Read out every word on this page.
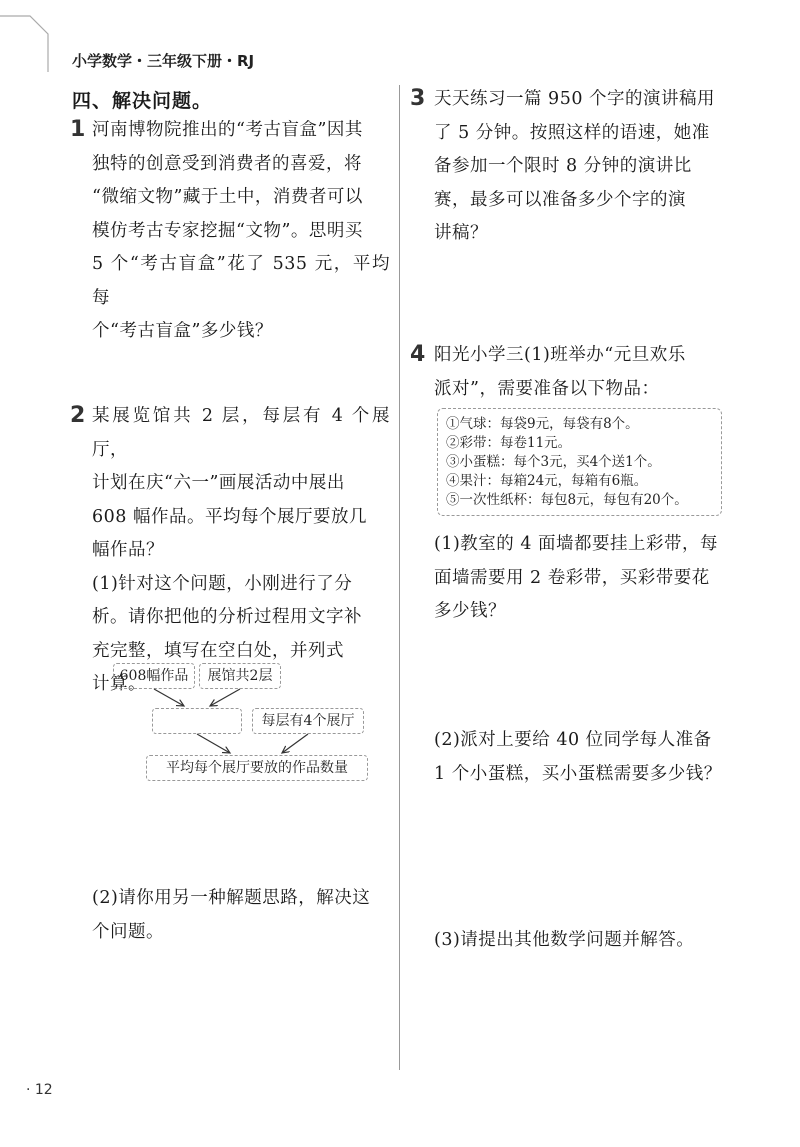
小学数学・三年级下册・RJ
四、解决问题。
1 河南博物院推出的“考古盲盒”因其
独特的创意受到消费者的喜爱，将
“微缩文物”藏于土中，消费者可以
模仿考古专家挖掘“文物”。思明买
5 个“考古盲盒”花了 535 元，平均每
个“考古盲盒”多少钱？
2 某展览馆共 2 层，每层有 4 个展厅，
计划在庆“六一”画展活动中展出
608 幅作品。平均每个展厅要放几
幅作品？
(1)针对这个问题，小刚进行了分
析。请你把他的分析过程用文字补
充完整，填写在空白处，并列式
计算。
608幅作品	展馆共2层
每层有4个展厅
平均每个展厅要放的作品数量
(2)请你用另一种解题思路，解决这
个问题。
3 天天练习一篇 950 个字的演讲稿用
了 5 分钟。按照这样的语速，她准
备参加一个限时 8 分钟的演讲比
赛，最多可以准备多少个字的演
讲稿？
4 阳光小学三(1)班举办“元旦欢乐
派对”，需要准备以下物品：
①气球：每袋9元，每袋有8个。
②彩带：每卷11元。
③小蛋糕：每个3元，买4个送1个。
④果汁：每箱24元，每箱有6瓶。
⑤一次性纸杯：每包8元，每包有20个。
(1)教室的 4 面墙都要挂上彩带，每
面墙需要用 2 卷彩带，买彩带要花
多少钱？
(2)派对上要给 40 位同学每人准备
1 个小蛋糕，买小蛋糕需要多少钱？
(3)请提出其他数学问题并解答。
· 12
